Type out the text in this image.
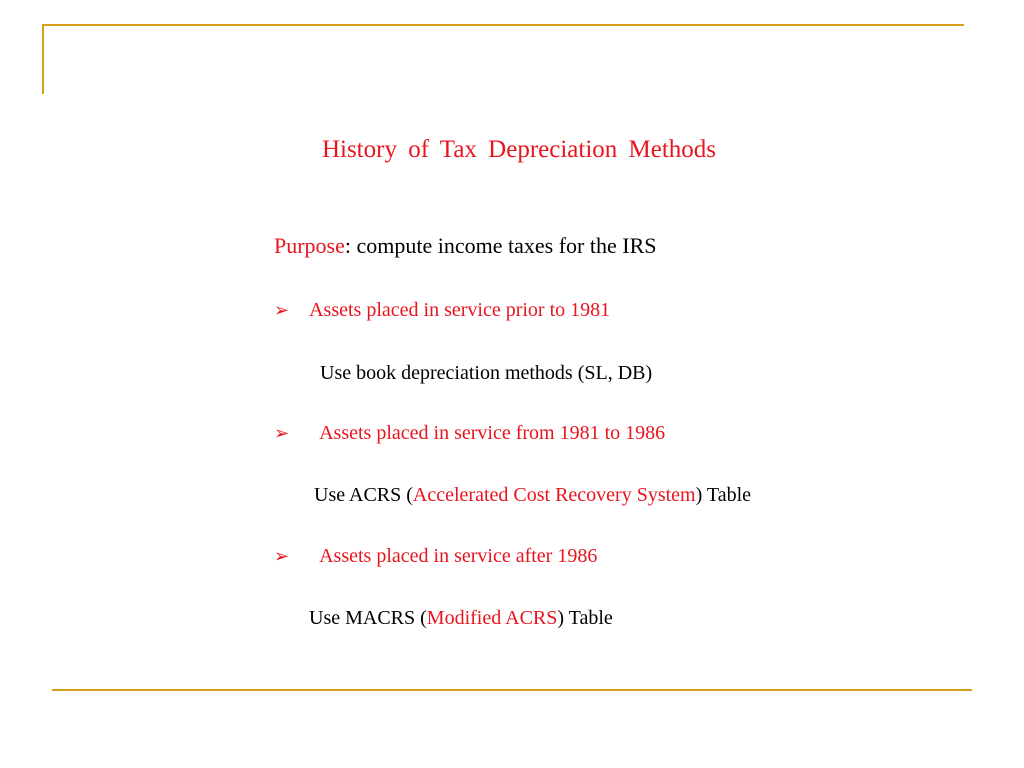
History of Tax Depreciation Methods
Purpose: compute income taxes for the IRS
➢ Assets placed in service prior to 1981
Use book depreciation methods (SL, DB)
➢ Assets placed in service from 1981 to 1986
Use ACRS (Accelerated Cost Recovery System) Table
➢ Assets placed in service after 1986
Use MACRS (Modified ACRS) Table
